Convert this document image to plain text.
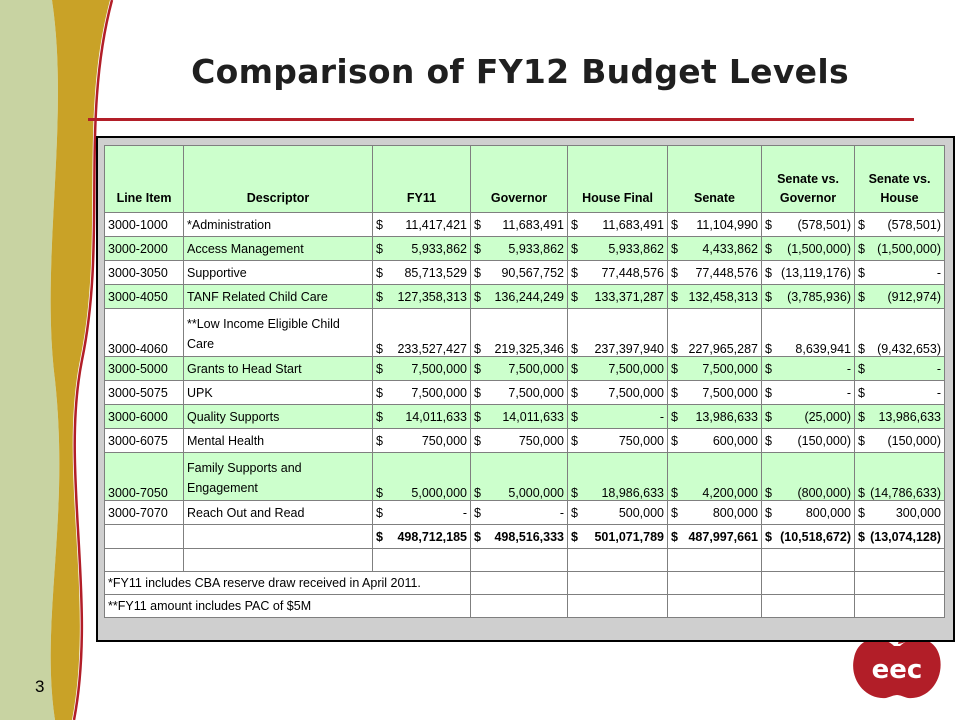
eec
Comparison of FY12 Budget Levels
Line Item	Descriptor	FY11	Governor	House Final	Senate	Senate vs. Governor	Senate vs. House
3000-1000	*Administration	$ 11,417,421	$ 11,683,491	$ 11,683,491	$ 11,104,990	$ (578,501)	$ (578,501)

3000-2000	Access Management	$ 5,933,862	$ 5,933,862	$ 5,933,862	$ 4,433,862	$ (1,500,000)	$ (1,500,000)

3000-3050	Supportive	$ 85,713,529	$ 90,567,752	$ 77,448,576	$ 77,448,576	$ (13,119,176)	$ -

3000-4050	TANF Related Child Care	$ 127,358,313	$ 136,244,249	$ 133,371,287	$ 132,458,313	$ (3,785,936)	$ (912,974)

3000-4060	**Low Income Eligible Child Care	$ 233,527,427	$ 219,325,346	$ 237,397,940	$ 227,965,287	$ 8,639,941	$ (9,432,653)

3000-5000	Grants to Head Start	$ 7,500,000	$ 7,500,000	$ 7,500,000	$ 7,500,000	$ -	$ -

3000-5075	UPK	$ 7,500,000	$ 7,500,000	$ 7,500,000	$ 7,500,000	$ -	$ -

3000-6000	Quality Supports	$ 14,011,633	$ 14,011,633	$ -	$ 13,986,633	$ (25,000)	$ 13,986,633

3000-6075	Mental Health	$ 750,000	$ 750,000	$ 750,000	$ 600,000	$ (150,000)	$ (150,000)

3000-7050	Family Supports and Engagement	$ 5,000,000	$ 5,000,000	$ 18,986,633	$ 4,200,000	$ (800,000)	$ (14,786,633)

3000-7070	Reach Out and Read	$ -	$ -	$ 500,000	$ 800,000	$ 800,000	$ 300,000

		$ 498,712,185	$ 498,516,333	$ 501,071,789	$ 487,997,661	$ (10,518,672)	$ (13,074,128)

*FY11 includes CBA reserve draw received in April 2011.							
**FY11 amount includes PAC of $5M							
3
